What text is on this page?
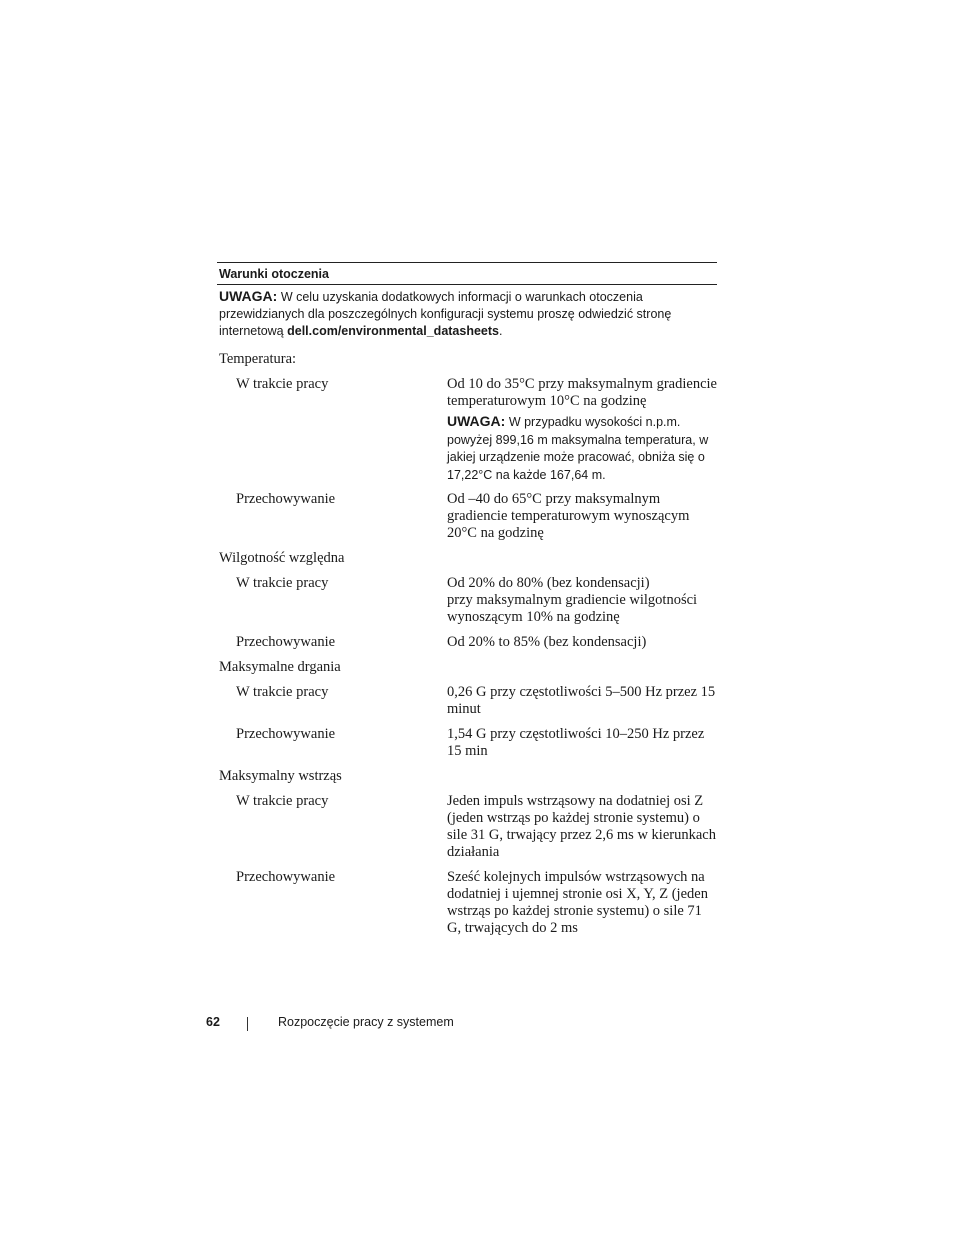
Warunki otoczenia
UWAGA: W celu uzyskania dodatkowych informacji o warunkach otoczenia przewidzianych dla poszczególnych konfiguracji systemu proszę odwiedzić stronę internetową dell.com/environmental_datasheets.
Temperatura:
W trakcie pracy	Od 10 do 35°C przy maksymalnym gradiencie temperaturowym 10°C na godzinę
UWAGA: W przypadku wysokości n.p.m. powyżej 899,16 m maksymalna temperatura, w jakiej urządzenie może pracować, obniża się o 17,22°C na każde 167,64 m.
Przechowywanie	Od –40 do 65°C przy maksymalnym gradiencie temperaturowym wynoszącym 20°C na godzinę
Wilgotność względna
W trakcie pracy	Od 20% do 80% (bez kondensacji)
przy maksymalnym gradiencie wilgotności wynoszącym 10% na godzinę
Przechowywanie	Od 20% to 85% (bez kondensacji)
Maksymalne drgania
W trakcie pracy	0,26 G przy częstotliwości 5–500 Hz przez 15 minut
Przechowywanie	1,54 G przy częstotliwości 10–250 Hz przez 15 min
Maksymalny wstrząs
W trakcie pracy	Jeden impuls wstrząsowy na dodatniej osi Z (jeden wstrząs po każdej stronie systemu) o sile 31 G, trwający przez 2,6 ms w kierunkach działania
Przechowywanie	Sześć kolejnych impulsów wstrząsowych na dodatniej i ujemnej stronie osi X, Y, Z (jeden wstrząs po każdej stronie systemu) o sile 71 G, trwających do 2 ms
62	Rozpoczęcie pracy z systemem
